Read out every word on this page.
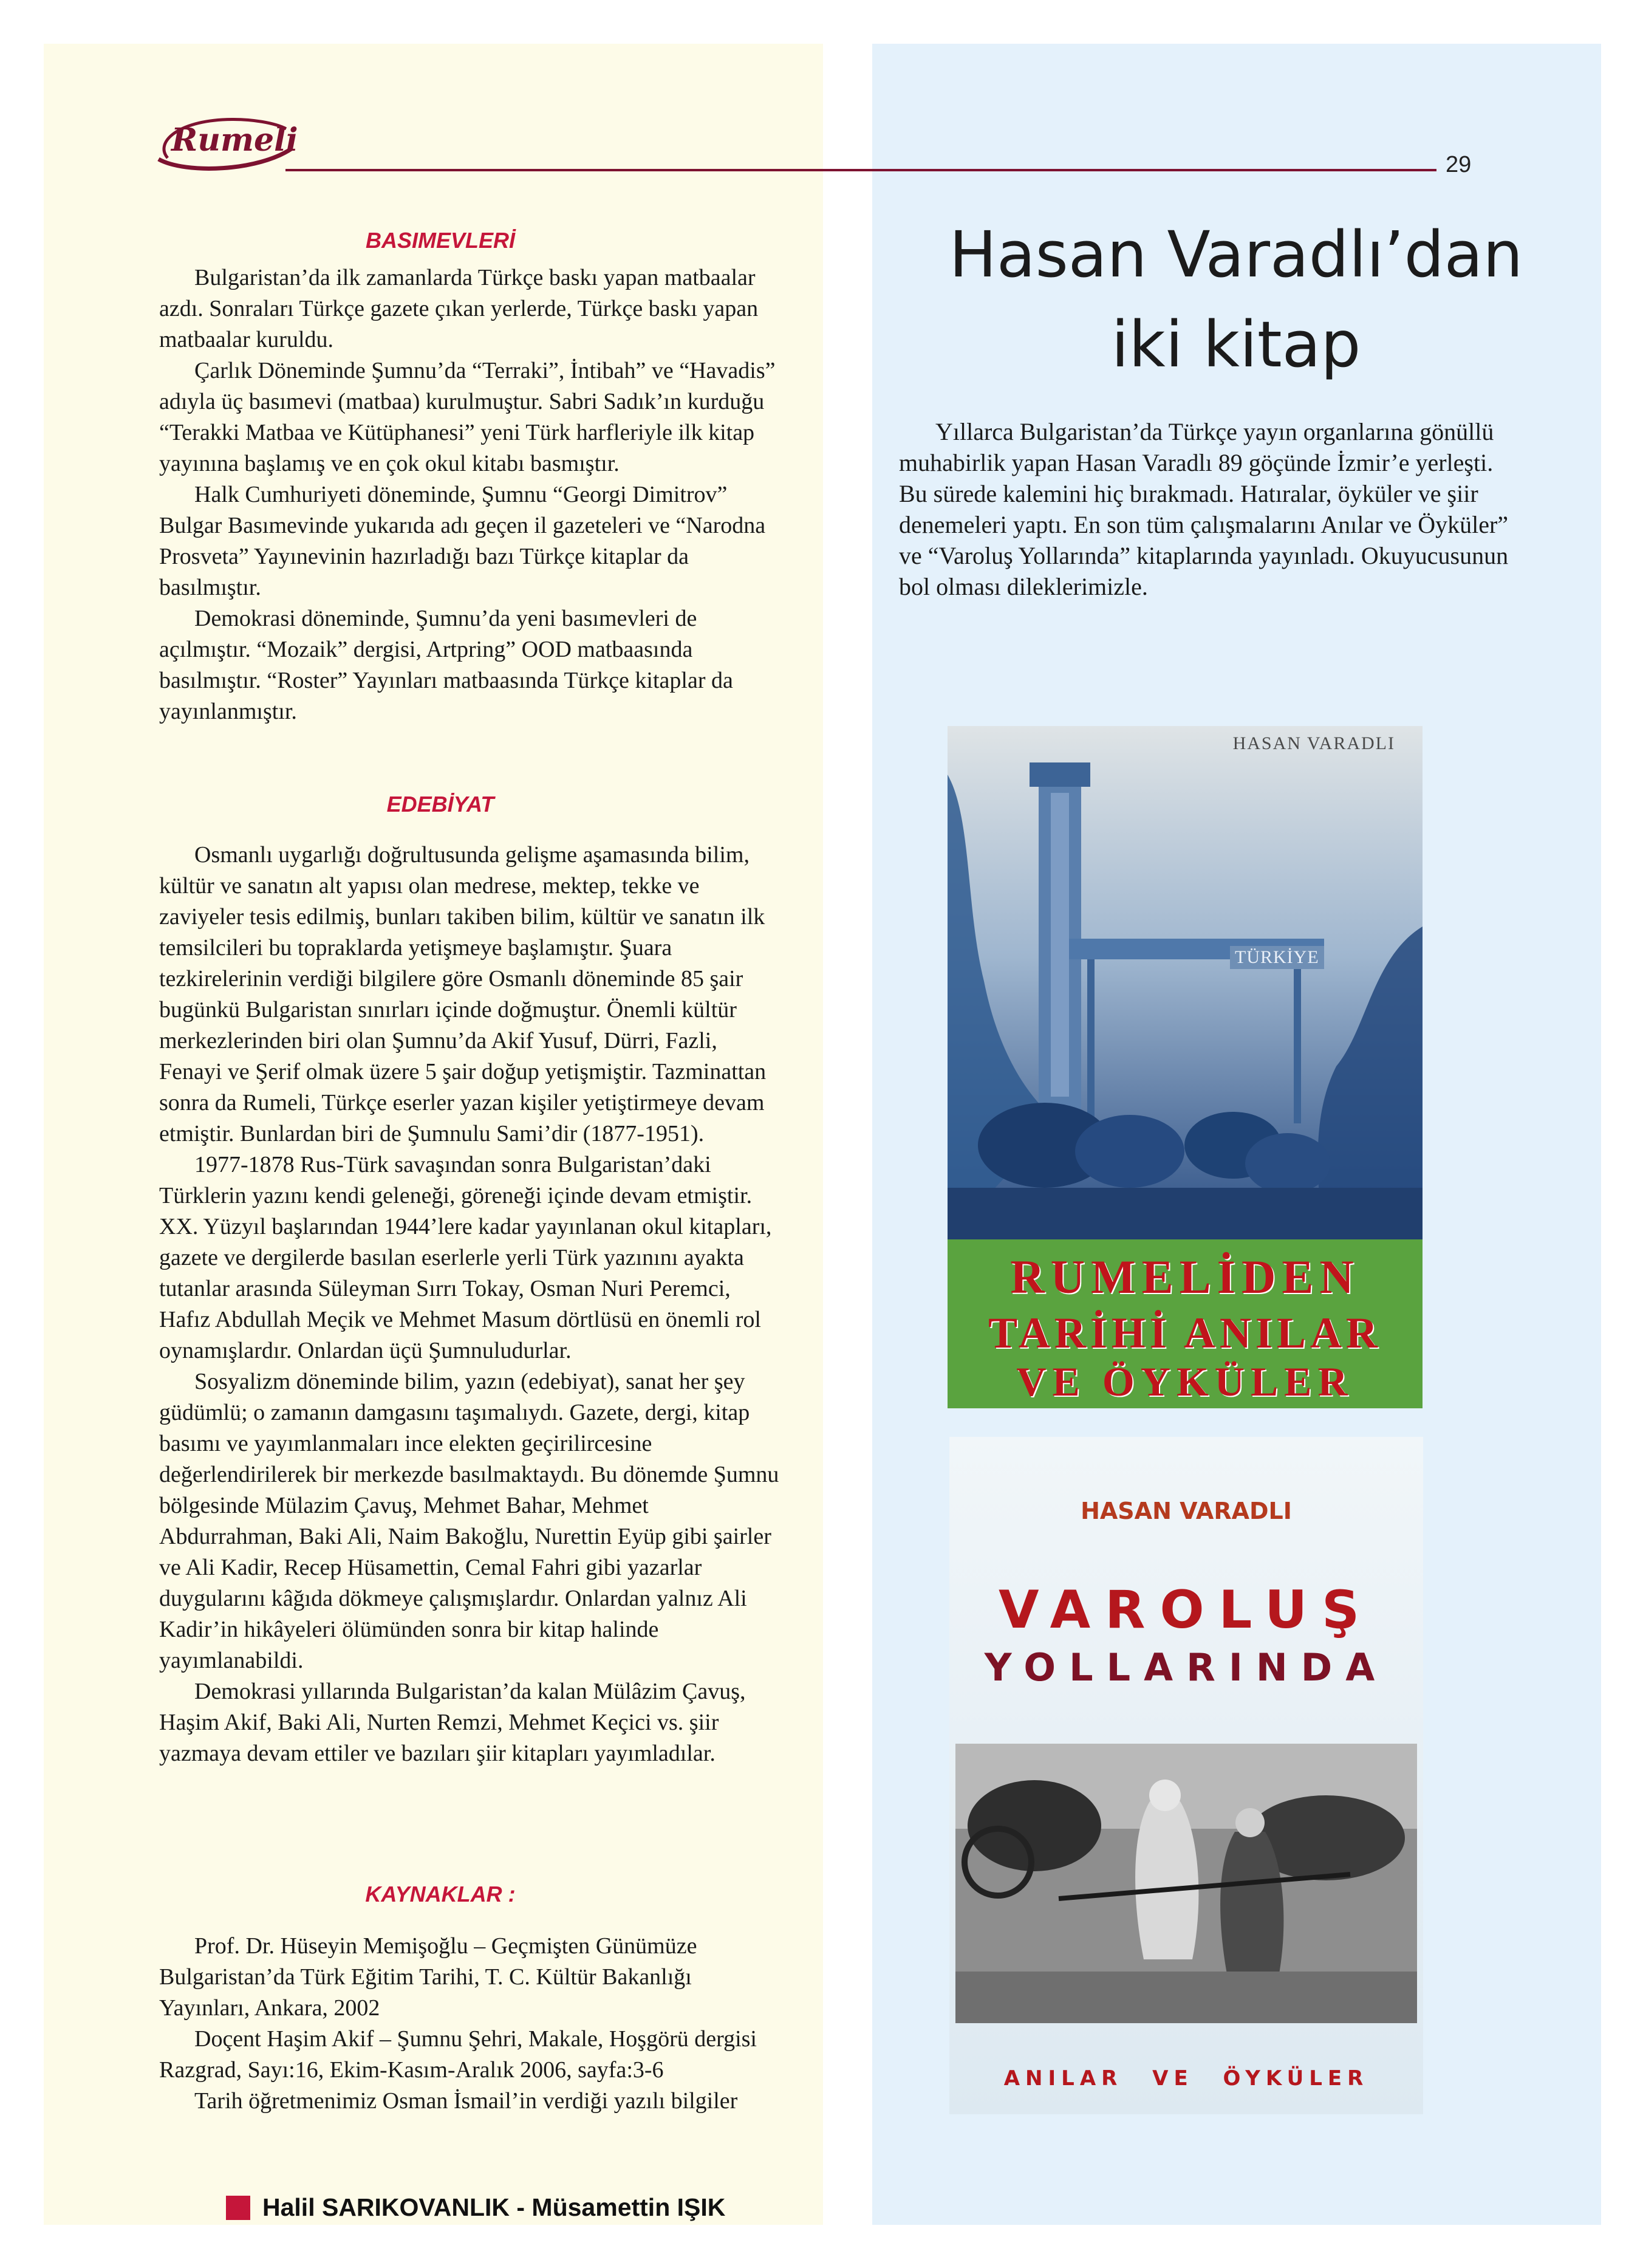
Rumeli
29
BASIMEVLERİ

Bulgaristan’da ilk zamanlarda Türkçe baskı yapan matbaalar azdı. Sonraları Türkçe gazete çıkan yerlerde, Türkçe baskı yapan matbaalar kuruldu.

Çarlık Döneminde Şumnu’da “Terraki”, İntibah” ve “Havadis” adıyla üç basımevi (matbaa) kurulmuştur. Sabri Sadık’ın kurduğu “Terakki Matbaa ve Kütüphanesi” yeni Türk harfleriyle ilk kitap yayınına başlamış ve en çok okul kitabı basmıştır.

Halk Cumhuriyeti döneminde, Şumnu “Georgi Dimitrov” Bulgar Basımevinde yukarıda adı geçen il gazeteleri ve “Narodna Prosveta” Yayınevinin hazırladığı bazı Türkçe kitaplar da basılmıştır.

Demokrasi döneminde, Şumnu’da yeni basımevleri de açılmıştır. “Mozaik” dergisi, Artpring” OOD matbaasında basılmıştır. “Roster” Yayınları matbaasında Türkçe kitaplar da yayınlanmıştır.

EDEBİYAT

Osmanlı uygarlığı doğrultusunda gelişme aşamasında bilim, kültür ve sanatın alt yapısı olan medrese, mektep, tekke ve zaviyeler tesis edilmiş, bunları takiben bilim, kültür ve sanatın ilk temsilcileri bu topraklarda yetişmeye başlamıştır. Şuara tezkirelerinin verdiği bilgilere göre Osmanlı döneminde 85 şair bugünkü Bulgaristan sınırları içinde doğmuştur. Önemli kültür merkezlerinden biri olan Şumnu’da Akif Yusuf, Dürri, Fazli, Fenayi ve Şerif olmak üzere 5 şair doğup yetişmiştir. Tazminattan sonra da Rumeli, Türkçe eserler yazan kişiler yetiştirmeye devam etmiştir. Bunlardan biri de Şumnulu Sami’dir (1877-1951).

1977-1878 Rus-Türk savaşından sonra Bulgaristan’daki Türklerin yazını kendi geleneği, göreneği içinde devam etmiştir. XX. Yüzyıl başlarından 1944’lere kadar yayınlanan okul kitapları, gazete ve dergilerde basılan eserlerle yerli Türk yazınını ayakta tutanlar arasında Süleyman Sırrı Tokay, Osman Nuri Peremci, Hafız Abdullah Meçik ve Mehmet Masum dörtlüsü en önemli rol oynamışlardır. Onlardan üçü Şumnuludurlar.

Sosyalizm döneminde bilim, yazın (edebiyat), sanat her şey güdümlü; o zamanın damgasını taşımalıydı. Gazete, dergi, kitap basımı ve yayımlanmaları ince elekten geçirilircesine değerlendirilerek bir merkezde basılmaktaydı. Bu dönemde Şumnu bölgesinde Mülazim Çavuş, Mehmet Bahar, Mehmet Abdurrahman, Baki Ali, Naim Bakoğlu, Nurettin Eyüp gibi şairler ve Ali Kadir, Recep Hüsamettin, Cemal Fahri gibi yazarlar duygularını kâğıda dökmeye çalışmışlardır. Onlardan yalnız Ali Kadir’in hikâyeleri ölümünden sonra bir kitap halinde yayımlanabildi.

Demokrasi yıllarında Bulgaristan’da kalan Mülâzim Çavuş, Haşim Akif, Baki Ali, Nurten Remzi, Mehmet Keçici vs. şiir yazmaya devam ettiler ve bazıları şiir kitapları yayımladılar.

KAYNAKLAR :

Prof. Dr. Hüseyin Memişoğlu – Geçmişten Günümüze Bulgaristan’da Türk Eğitim Tarihi, T. C. Kültür Bakanlığı Yayınları, Ankara, 2002

Doçent Haşim Akif – Şumnu Şehri, Makale, Hoşgörü dergisi Razgrad, Sayı:16, Ekim-Kasım-Aralık 2006, sayfa:3-6

Tarih öğretmenimiz Osman İsmail’in verdiği yazılı bilgiler

Halil SARIKOVANLIK - Müsamettin IŞIK
Hasan Varadlı’dan
iki kitap

Yıllarca Bulgaristan’da Türkçe yayın organlarına gönüllü muhabirlik yapan Hasan Varadlı 89 göçünde İzmir’e yerleşti. Bu sürede kalemini hiç bırakmadı. Hatıralar, öyküler ve şiir denemeleri yaptı. En son tüm çalışmalarını Anılar ve Öyküler” ve “Varoluş Yollarında” kitaplarında yayınladı. Okuyucusunun bol olması dileklerimizle.

HASAN VARADLI
TÜRKİYE
RUMELİDEN
TARİHİ ANILAR
VE ÖYKÜLER
HASAN VARADLI
VAROLUŞ
YOLLARINDA
ANILAR VE ÖYKÜLER
